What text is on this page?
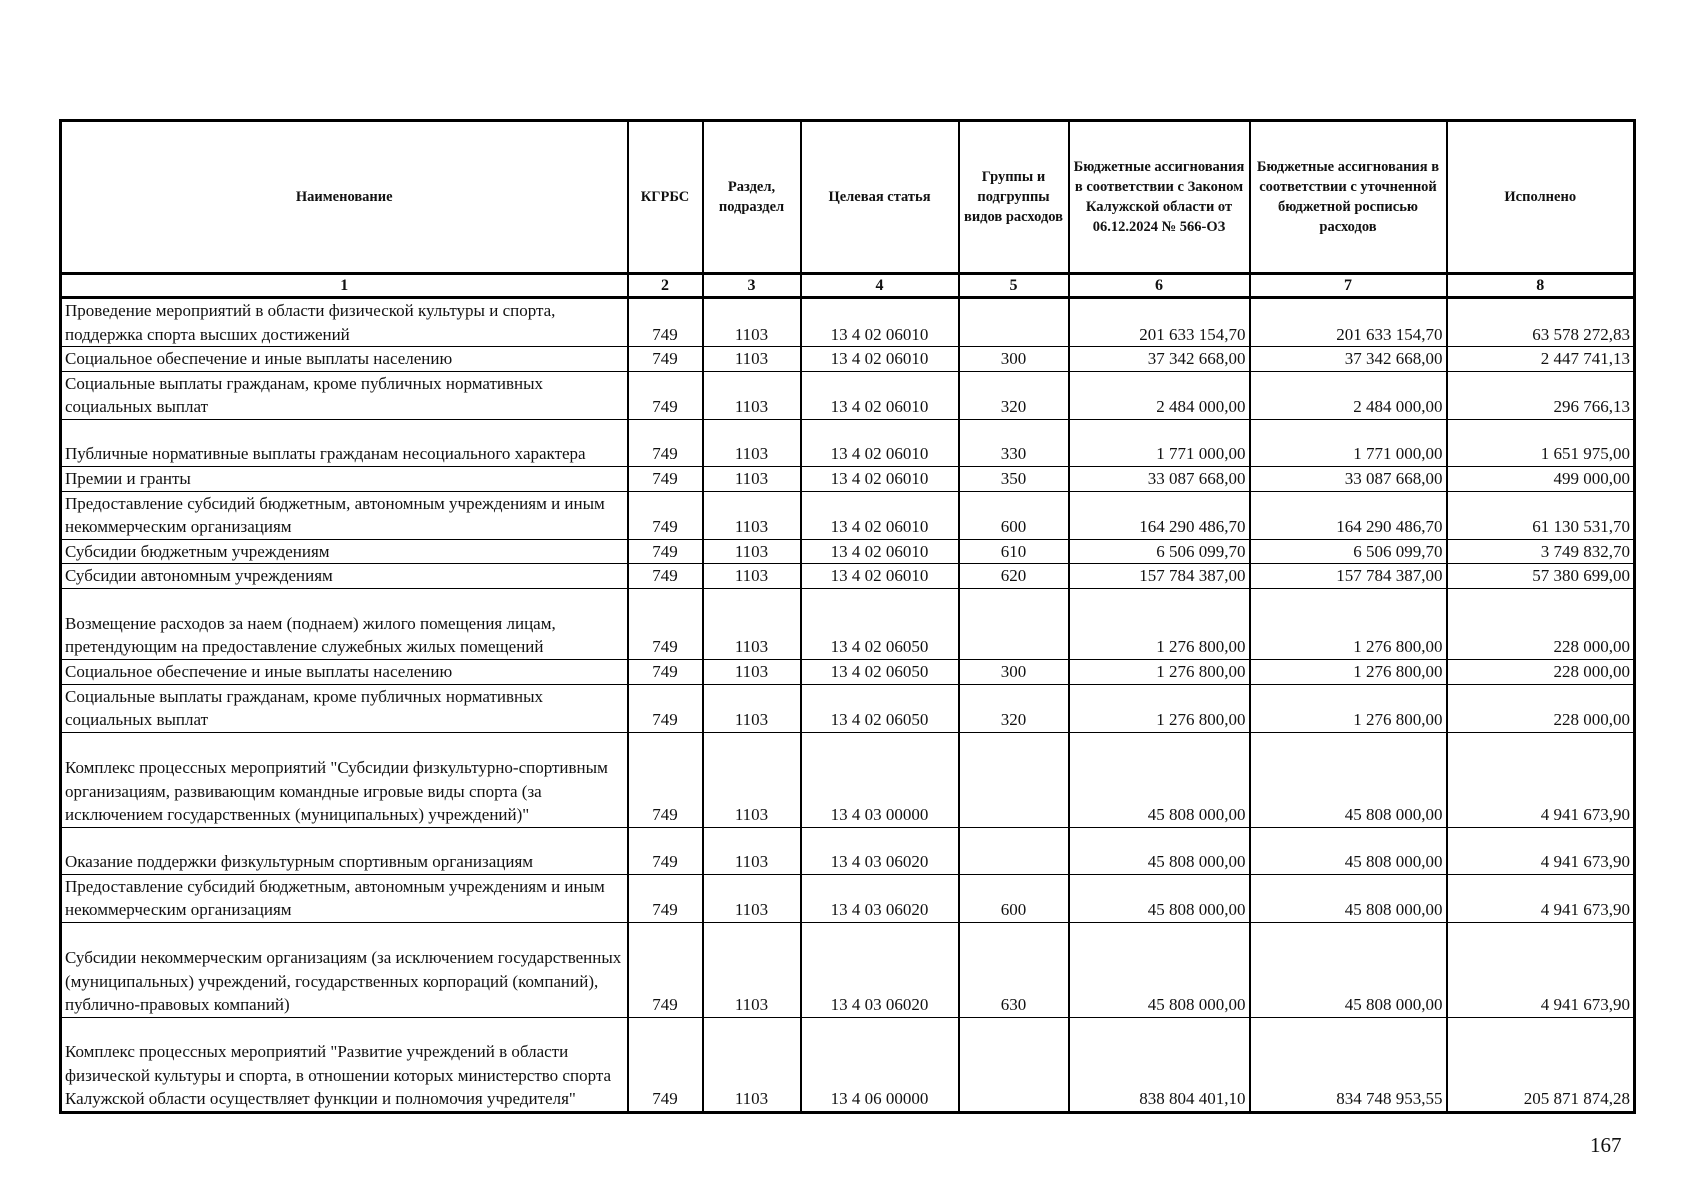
Наименование	КГРБС	Раздел, подраздел	Целевая статья	Группы и подгруппы видов расходов	Бюджетные ассигнования в соответствии с Законом Калужской области от 06.12.2024 № 566-ОЗ	Бюджетные ассигнования в соответствии с уточненной бюджетной росписью расходов	Исполнено
1	2	3	4	5	6	7	8
Проведение мероприятий в области физической культуры и спорта, поддержка спорта высших достижений	749	1103	13 4 02 06010		201 633 154,70	201 633 154,70	63 578 272,83
Социальное обеспечение и иные выплаты населению	749	1103	13 4 02 06010	300	37 342 668,00	37 342 668,00	2 447 741,13
Социальные выплаты гражданам, кроме публичных нормативных социальных выплат	749	1103	13 4 02 06010	320	2 484 000,00	2 484 000,00	296 766,13
Публичные нормативные выплаты гражданам несоциального характера	749	1103	13 4 02 06010	330	1 771 000,00	1 771 000,00	1 651 975,00
Премии и гранты	749	1103	13 4 02 06010	350	33 087 668,00	33 087 668,00	499 000,00
Предоставление субсидий бюджетным, автономным учреждениям и иным некоммерческим организациям	749	1103	13 4 02 06010	600	164 290 486,70	164 290 486,70	61 130 531,70
Субсидии бюджетным учреждениям	749	1103	13 4 02 06010	610	6 506 099,70	6 506 099,70	3 749 832,70
Субсидии автономным учреждениям	749	1103	13 4 02 06010	620	157 784 387,00	157 784 387,00	57 380 699,00
Возмещение расходов за наем (поднаем) жилого помещения лицам, претендующим на предоставление служебных жилых помещений	749	1103	13 4 02 06050		1 276 800,00	1 276 800,00	228 000,00
Социальное обеспечение и иные выплаты населению	749	1103	13 4 02 06050	300	1 276 800,00	1 276 800,00	228 000,00
Социальные выплаты гражданам, кроме публичных нормативных социальных выплат	749	1103	13 4 02 06050	320	1 276 800,00	1 276 800,00	228 000,00
Комплекс процессных мероприятий "Субсидии физкультурно-спортивным организациям, развивающим командные игровые виды спорта (за исключением государственных (муниципальных) учреждений)"	749	1103	13 4 03 00000		45 808 000,00	45 808 000,00	4 941 673,90
Оказание поддержки физкультурным спортивным организациям	749	1103	13 4 03 06020		45 808 000,00	45 808 000,00	4 941 673,90
Предоставление субсидий бюджетным, автономным учреждениям и иным некоммерческим организациям	749	1103	13 4 03 06020	600	45 808 000,00	45 808 000,00	4 941 673,90
Субсидии некоммерческим организациям (за исключением государственных (муниципальных) учреждений, государственных корпораций (компаний), публично-правовых компаний)	749	1103	13 4 03 06020	630	45 808 000,00	45 808 000,00	4 941 673,90
Комплекс процессных мероприятий "Развитие учреждений в области физической культуры и спорта, в отношении которых министерство спорта Калужской области осуществляет функции и полномочия учредителя"	749	1103	13 4 06 00000		838 804 401,10	834 748 953,55	205 871 874,28
167
